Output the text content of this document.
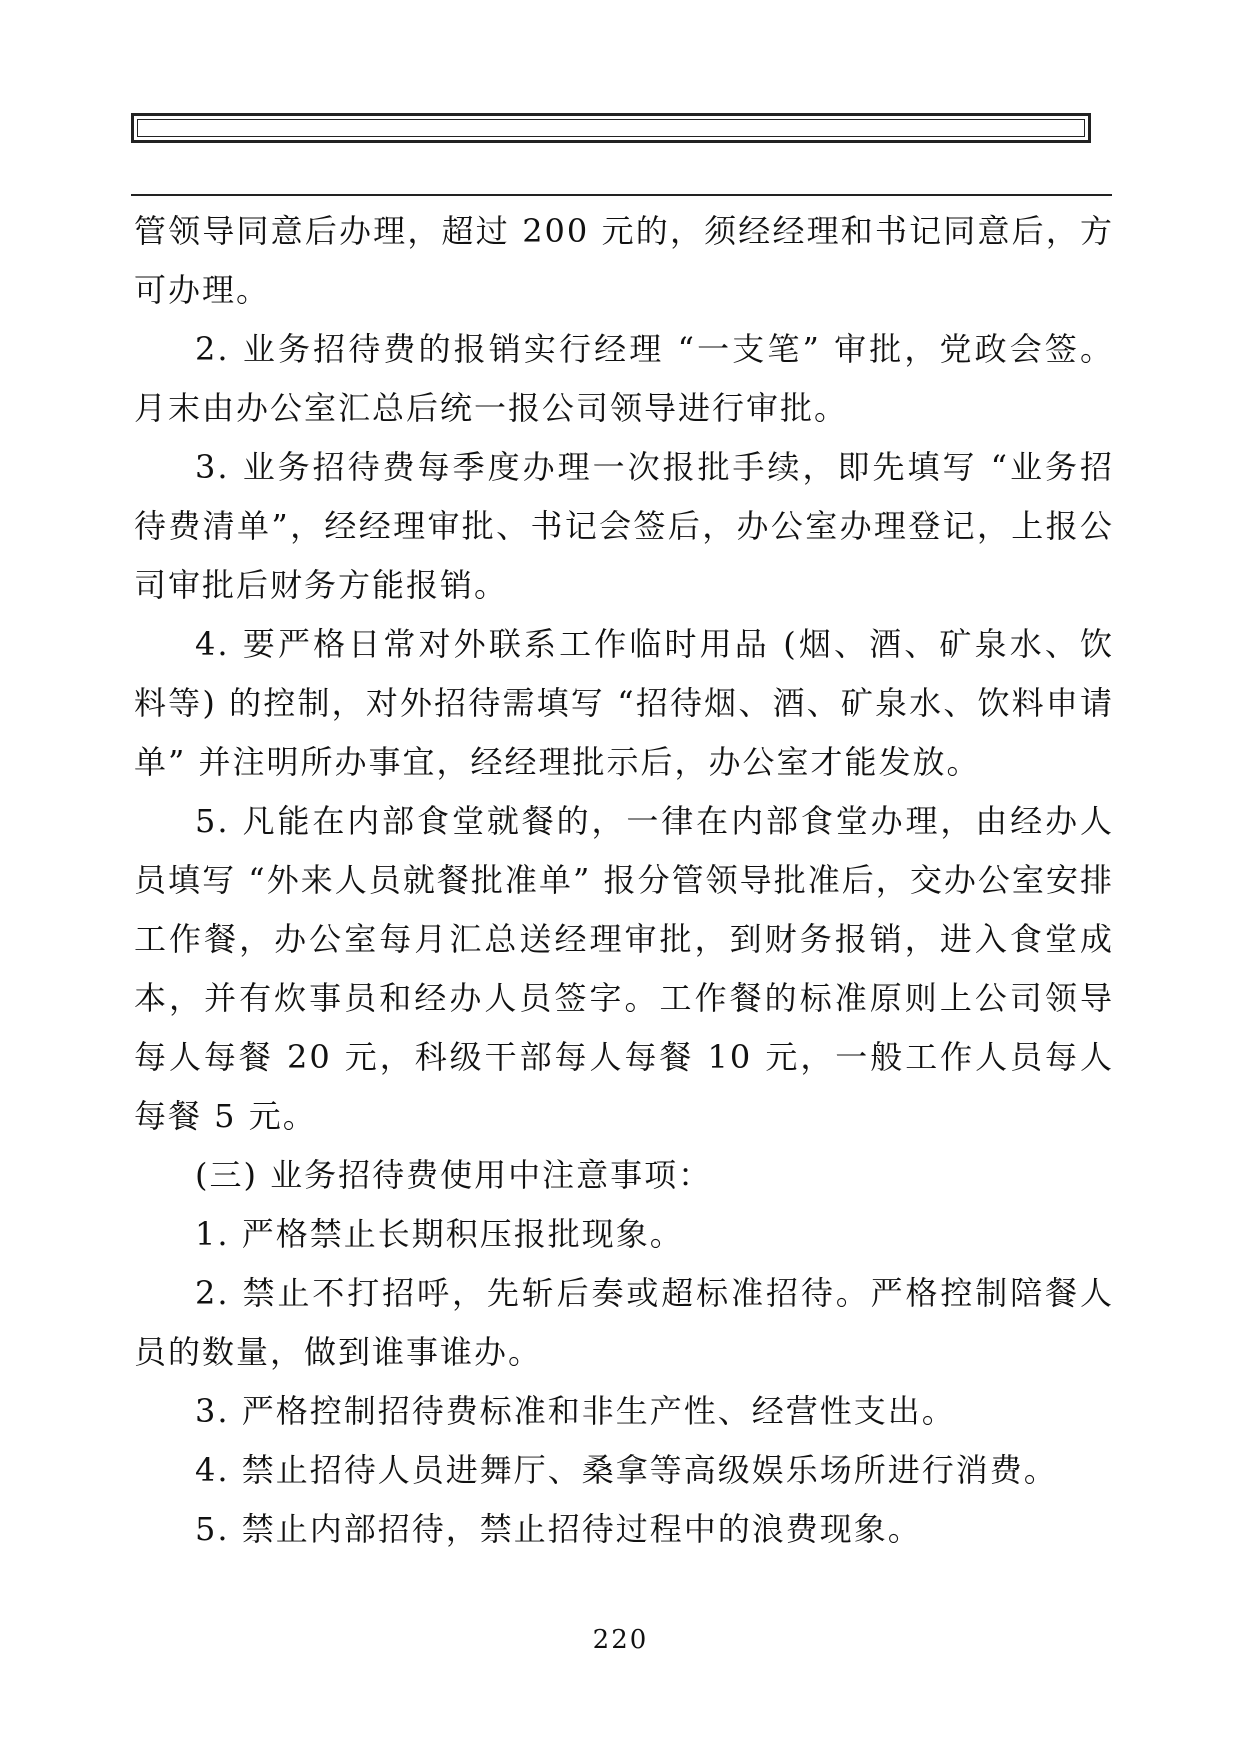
管领导同意后办理，超过 200 元的，须经经理和书记同意后，方可办理。

2. 业务招待费的报销实行经理 “一支笔” 审批，党政会签。月末由办公室汇总后统一报公司领导进行审批。

3. 业务招待费每季度办理一次报批手续，即先填写 “业务招待费清单”，经经理审批、书记会签后，办公室办理登记，上报公司审批后财务方能报销。

4. 要严格日常对外联系工作临时用品 (烟、酒、矿泉水、饮料等) 的控制，对外招待需填写 “招待烟、酒、矿泉水、饮料申请单” 并注明所办事宜，经经理批示后，办公室才能发放。

5. 凡能在内部食堂就餐的，一律在内部食堂办理，由经办人员填写 “外来人员就餐批准单” 报分管领导批准后，交办公室安排工作餐，办公室每月汇总送经理审批，到财务报销，进入食堂成本，并有炊事员和经办人员签字。工作餐的标准原则上公司领导每人每餐 20 元，科级干部每人每餐 10 元，一般工作人员每人每餐 5 元。

(三) 业务招待费使用中注意事项：

1. 严格禁止长期积压报批现象。

2. 禁止不打招呼，先斩后奏或超标准招待。严格控制陪餐人员的数量，做到谁事谁办。

3. 严格控制招待费标准和非生产性、经营性支出。

4. 禁止招待人员进舞厅、桑拿等高级娱乐场所进行消费。

5. 禁止内部招待，禁止招待过程中的浪费现象。

220
